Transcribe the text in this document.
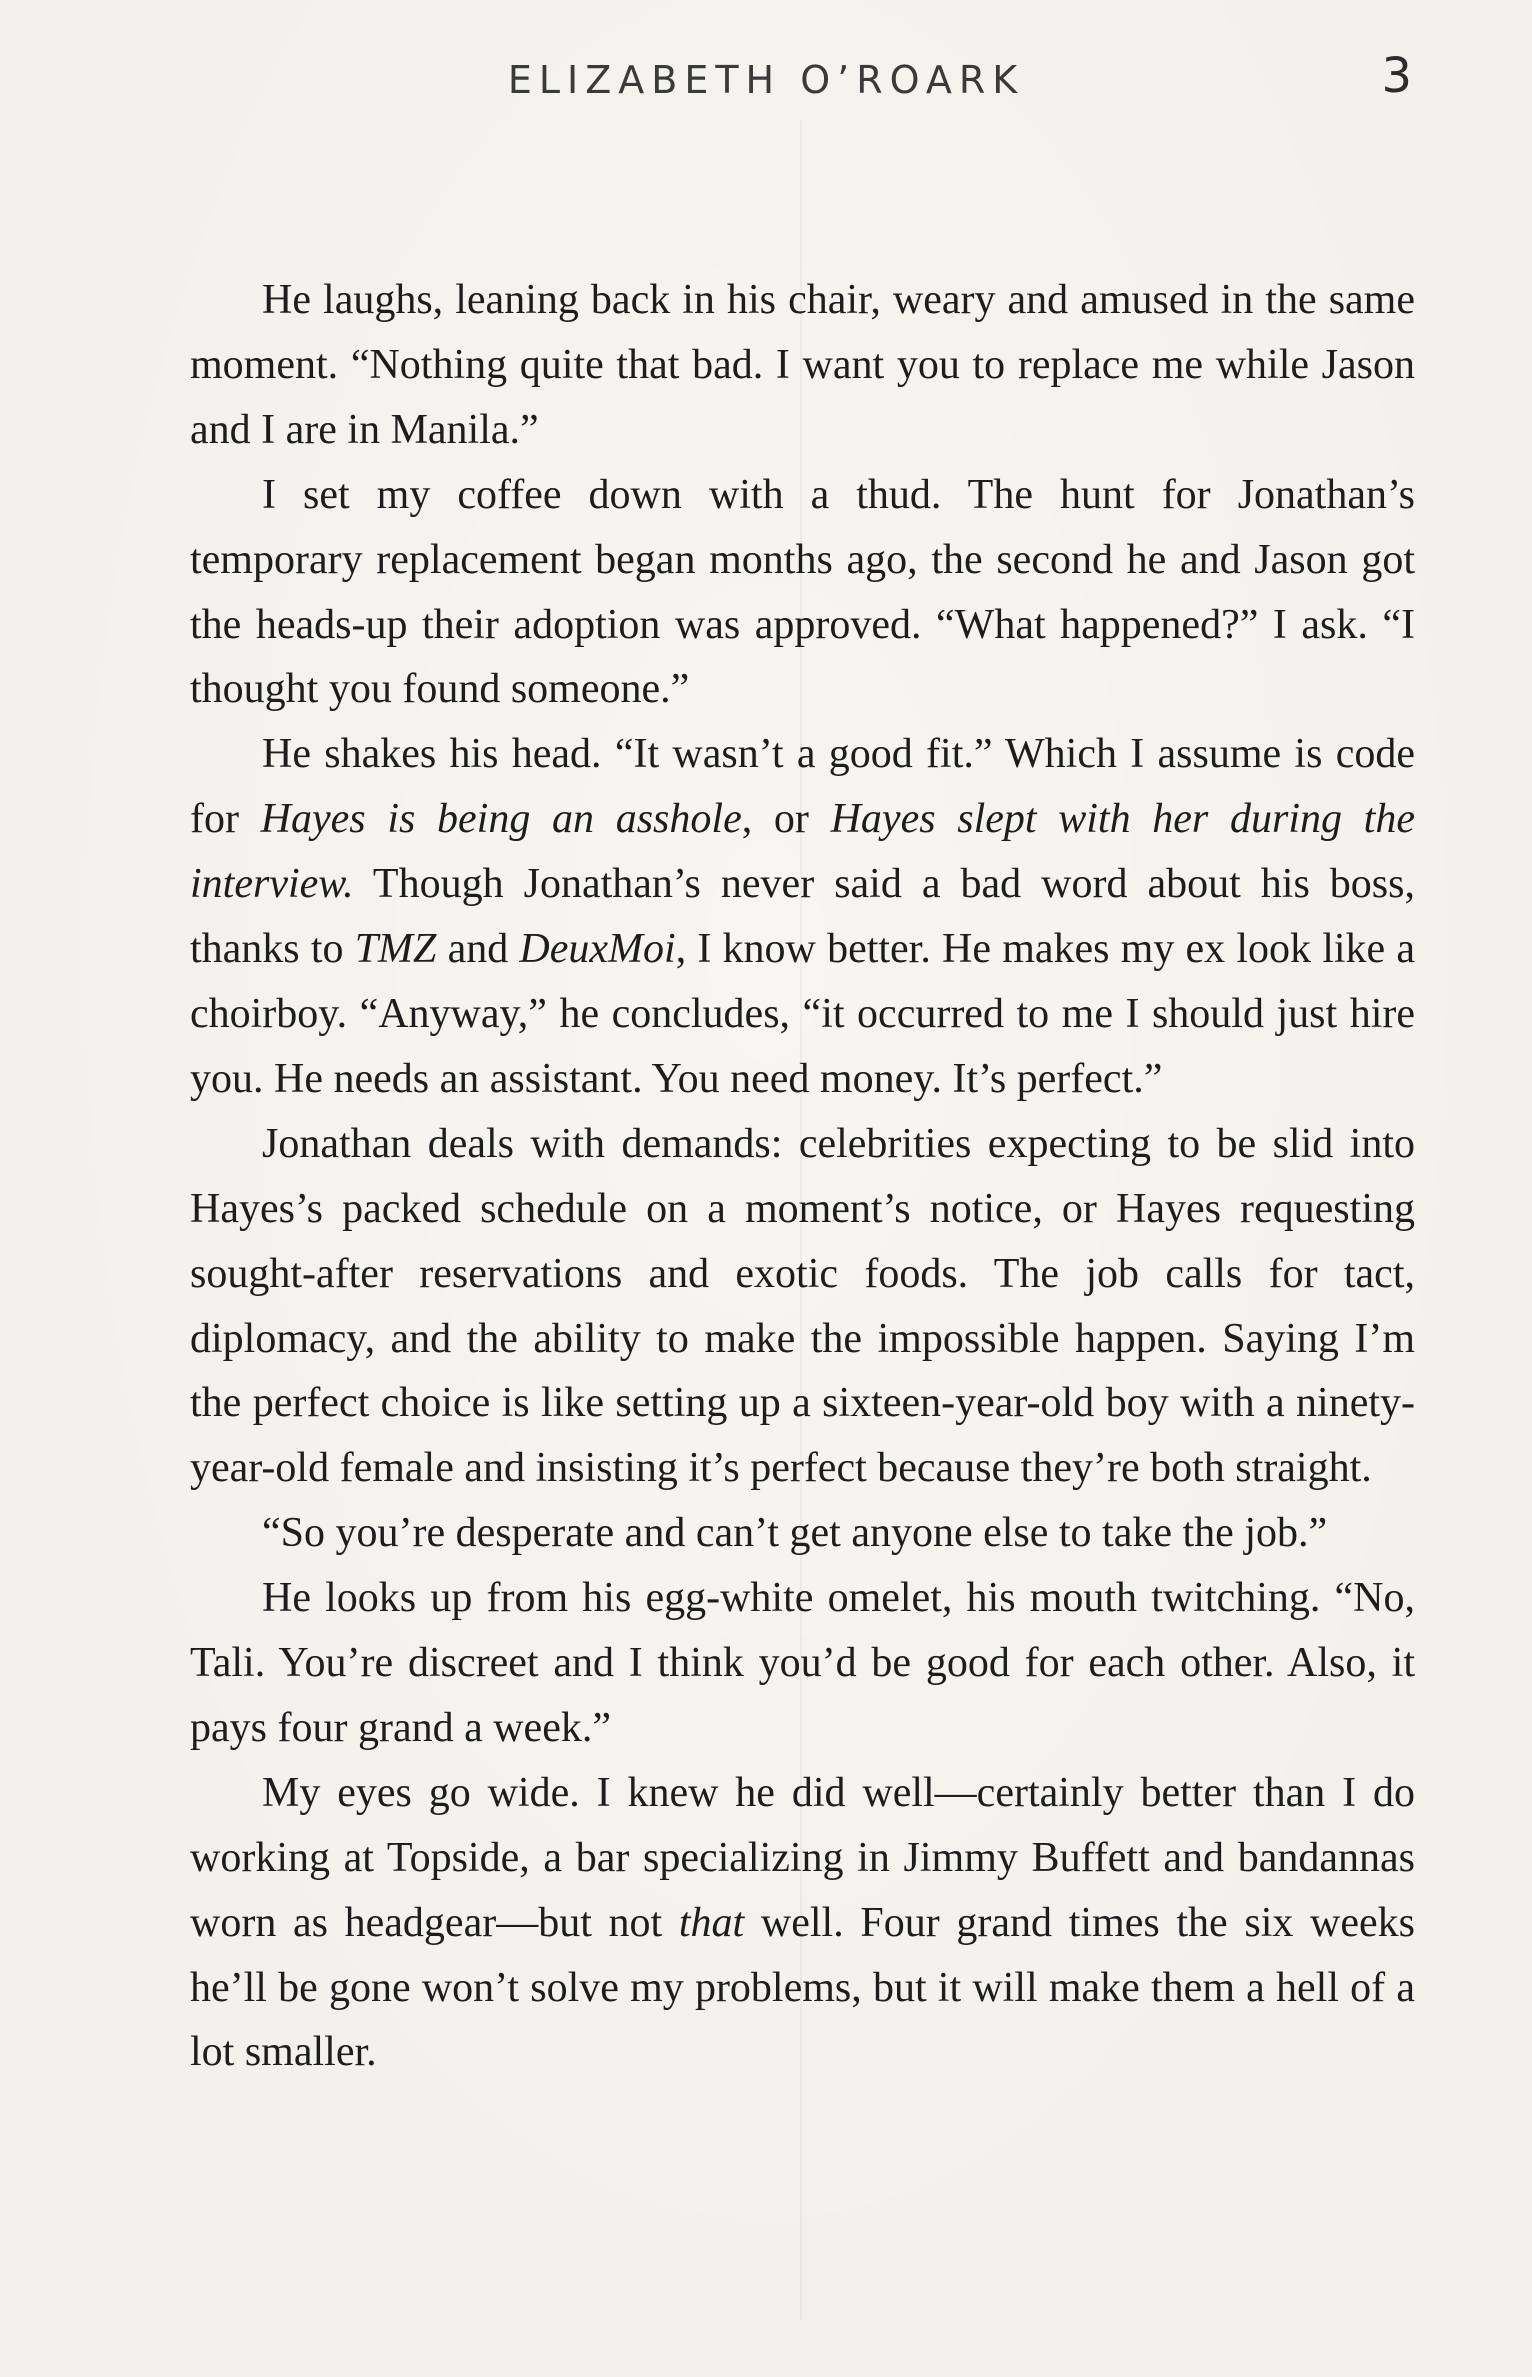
ELIZABETH O’ROARK	3

He laughs, leaning back in his chair, weary and amused in the same moment. “Nothing quite that bad. I want you to replace me while Jason and I are in Manila.”

I set my coffee down with a thud. The hunt for Jonathan’s temporary replacement began months ago, the second he and Jason got the heads-up their adoption was approved. “What happened?” I ask. “I thought you found someone.”

He shakes his head. “It wasn’t a good fit.” Which I assume is code for Hayes is being an asshole, or Hayes slept with her during the interview. Though Jonathan’s never said a bad word about his boss, thanks to TMZ and DeuxMoi, I know better. He makes my ex look like a choirboy. “Anyway,” he concludes, “it occurred to me I should just hire you. He needs an assistant. You need money. It’s perfect.”

Jonathan deals with demands: celebrities expecting to be slid into Hayes’s packed schedule on a moment’s notice, or Hayes requesting sought-after reservations and exotic foods. The job calls for tact, diplomacy, and the ability to make the impossible happen. Saying I’m the perfect choice is like setting up a sixteen-year-old boy with a ninety-year-old female and insisting it’s perfect because they’re both straight.

“So you’re desperate and can’t get anyone else to take the job.”

He looks up from his egg-white omelet, his mouth twitching. “No, Tali. You’re discreet and I think you’d be good for each other. Also, it pays four grand a week.”

My eyes go wide. I knew he did well—certainly better than I do working at Topside, a bar specializing in Jimmy Buffett and bandannas worn as headgear—but not that well. Four grand times the six weeks he’ll be gone won’t solve my problems, but it will make them a hell of a lot smaller.
